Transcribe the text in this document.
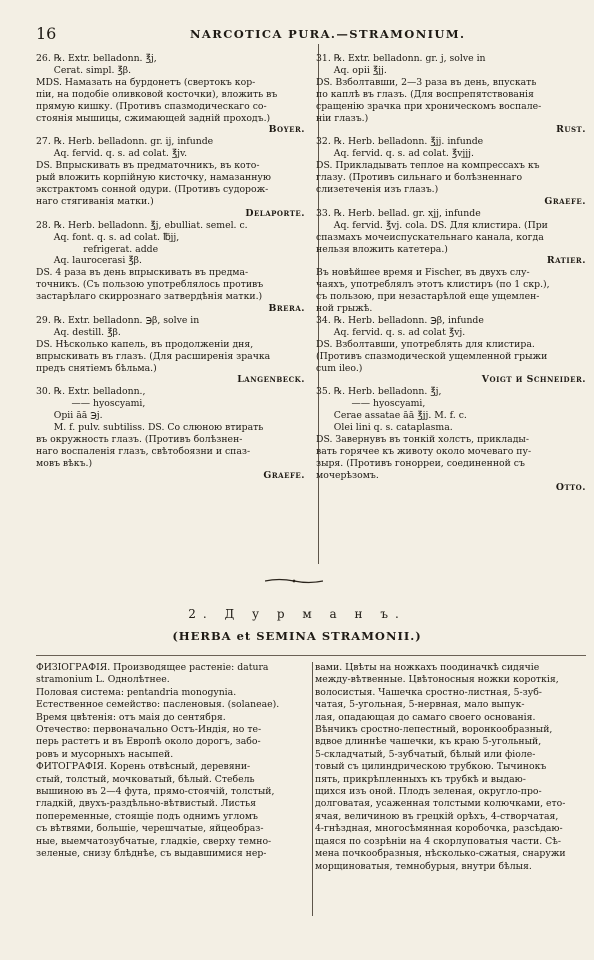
16	NARCOTICA PURA.—STRAMONIUM.
26. ℞. Extr. belladonn. ℥j,
Cerat. simpl. ℥β.
MDS. Намазать на бурдонетъ (свертокъ кор-
піи, на подобіе оливковой косточки), вложить въ
прямую кишку. (Противъ спазмодическаго со-
стоянія мышицы, сжимающей задній проходъ.)
Boyer.
27. ℞. Herb. belladonn. gr. ij, infunde
Aq. fervid. q. s. ad colat. ℥jv.
DS. Впрыскивать въ предматочникъ, въ кото-
рый вложить корпійную кисточку, намазанную
экстрактомъ сонной одури. (Противъ судорож-
наго стягиванія матки.)
Delaporte.
28. ℞. Herb. belladonn. ℥j, ebulliat. semel. c.
Aq. font. q. s. ad colat. ℔jj,
refrigerat. adde
Aq. laurocerasi ℥β.
DS. 4 раза въ день впрыскивать въ предма-
точникъ. (Съ пользою употреблялось противъ
застарѣлаго скиррознаго затвердѣнія матки.)
Brera.
29. ℞. Extr. belladonn. ℈β, solve in
Aq. destill. ℥β.
DS. Нѣсколько капель, въ продолженіи дня,
впрыскивать въ глазъ. (Для расширенія зрачка
предъ снятіемъ бѣльма.)
Langenbeck.
30. ℞. Extr. belladonn.,
—— hyoscyami,
Opii āā ℈j.
M. f. pulv. subtiliss. DS. Со слюною втирать
въ окружность глазъ. (Противъ болѣзнен-
наго воспаленія глазъ, свѣтобоязни и спаз-
мовъ вѣкъ.)
Graefe.
31. ℞. Extr. belladonn. gr. j, solve in
Aq. opii ℥jj.
DS. Взболтавши, 2—3 раза въ день, впускать
по каплѣ въ глазъ. (Для воспрепятствованія
сращенію зрачка при хроническомъ воспале-
ніи глазъ.)
Rust.
32. ℞. Herb. belladonn. ℥jj. infunde
Aq. fervid. q. s. ad colat. ℥vjjj.
DS. Прикладывать теплое на компрессахъ къ
глазу. (Противъ сильнаго и болѣзненнаго
слизетеченія изъ глазъ.)
Graefe.
33. ℞. Herb. bellad. gr. xjj, infunde
Aq. fervid. ℥vj. cola. DS. Для клистира. (При
спазмахъ мочеиспускательнаго канала, когда
нельзя вложить катетера.)
Ratier.
Въ новѣйшее время и Fischer, въ двухъ слу-
чаяхъ, употреблялъ этотъ клистиръ (по 1 скр.),
съ пользою, при незастарѣлой еще ущемлен-
ной грыжѣ.
34. ℞. Herb. belladonn. ℈β, infunde
Aq. fervid. q. s. ad colat ℥vj.
DS. Взболтавши, употреблять для клистира.
(Противъ спазмодической ущемленной грыжи
cum ileo.)
Voigt и Schneider.
35. ℞. Herb. belladonn. ℥j,
—— hyoscyami,
Cerae assatae āā ℥jj. M. f. c.
Olei lini q. s. cataplasma.
DS. Завернувъ въ тонкій холстъ, приклады-
вать горячее къ животу около мочеваго пу-
зыря. (Противъ гонорреи, соединенной съ
мочерѣзомъ.
Otto.
2. Д у р м а н ъ.
(HERBA et SEMINA STRAMONII.)
ФИЗІОГРАФІЯ. Производящее растеніе: datura
stramonium L. Однолѣтнее.
Половая система: pentandria monogynia.
Естественное семейство: пасленовыя. (solaneae).
Время цвѣтенія: отъ маія до сентября.
Отечество: первоначально Остъ-Индія, но те-
перь растетъ и въ Европѣ около дорогъ, забо-
ровъ и мусорныхъ насыпей.
ФИТОГРАФІЯ. Корень отвѣсный, деревяни-
стый, толстый, мочковатый, бѣлый. Стебель
вышиною въ 2—4 фута, прямо-стоячій, толстый,
гладкій, двухъ-раздѣльно-вѣтвистый. Листья
попеременные, стоящіе подъ однимъ угломъ
съ вѣтвями, большіе, черешчатые, яйцеобраз-
ные, выемчатозубчатые, гладкіе, сверху темно-
зеленые, снизу блѣднѣе, съ выдавшимися нер-
вами. Цвѣты на ножкахъ поодиначкѣ сидячіе
между-вѣтвенные. Цвѣтоносныя ножки короткія,
волосистыя. Чашечка сростно-листная, 5-зуб-
чатая, 5-угольная, 5-нервная, мало выпук-
лая, опадающая до самаго своего основанія.
Вѣнчикъ сростно-лепестный, воронкообразный,
вдвое длиннѣе чашечки, къ краю 5-угольный,
5-складчатый, 5-зубчатый, бѣлый или фіоле-
товый съ цилиндрическою трубкою. Тычинокъ
пять, прикрѣпленныхъ къ трубкѣ и выдаю-
щихся изъ оной. Плодъ зеленая, округло-про-
долговатая, усаженная толстыми колючками, ето-
ячая, величиною въ грецкій орѣхъ, 4-створчатая,
4-гнѣздная, многосѣмянная коробочка, разсѣдаю-
щаяся по созрѣніи на 4 скорлуповатыя части. Сѣ-
мена почкообразныя, нѣсколько-сжатыя, снаружи
морщиноватыя, темнобурыя, внутри бѣлыя.
